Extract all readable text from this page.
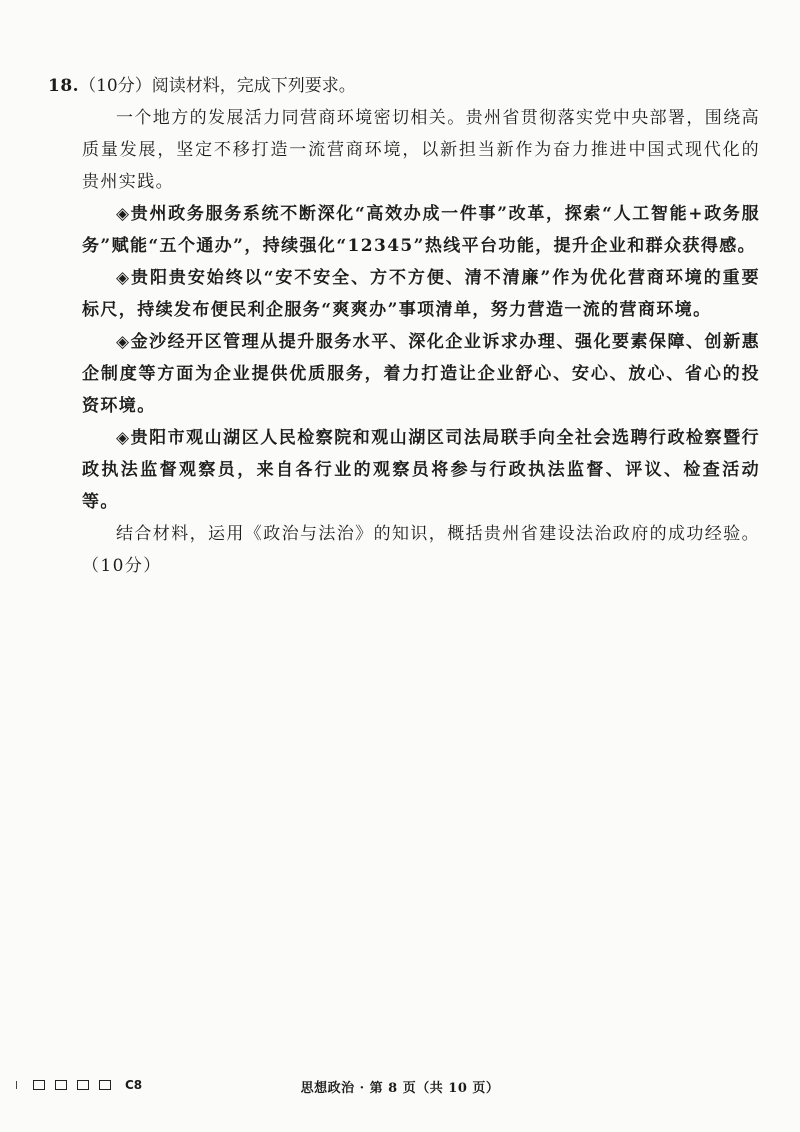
18.（10分）阅读材料，完成下列要求。

一个地方的发展活力同营商环境密切相关。贵州省贯彻落实党中央部署，围绕高质量发展，坚定不移打造一流营商环境，以新担当新作为奋力推进中国式现代化的贵州实践。

◈贵州政务服务系统不断深化“高效办成一件事”改革，探索“人工智能+政务服务”赋能“五个通办”，持续强化“12345”热线平台功能，提升企业和群众获得感。

◈贵阳贵安始终以“安不安全、方不方便、清不清廉”作为优化营商环境的重要标尺，持续发布便民利企服务“爽爽办”事项清单，努力营造一流的营商环境。

◈金沙经开区管理从提升服务水平、深化企业诉求办理、强化要素保障、创新惠企制度等方面为企业提供优质服务，着力打造让企业舒心、安心、放心、省心的投资环境。

◈贵阳市观山湖区人民检察院和观山湖区司法局联手向全社会选聘行政检察暨行政执法监督观察员，来自各行业的观察员将参与行政执法监督、评议、检查活动等。

结合材料，运用《政治与法治》的知识，概括贵州省建设法治政府的成功经验。
（10分）

C8	思想政治 · 第 8 页（共 10 页）
